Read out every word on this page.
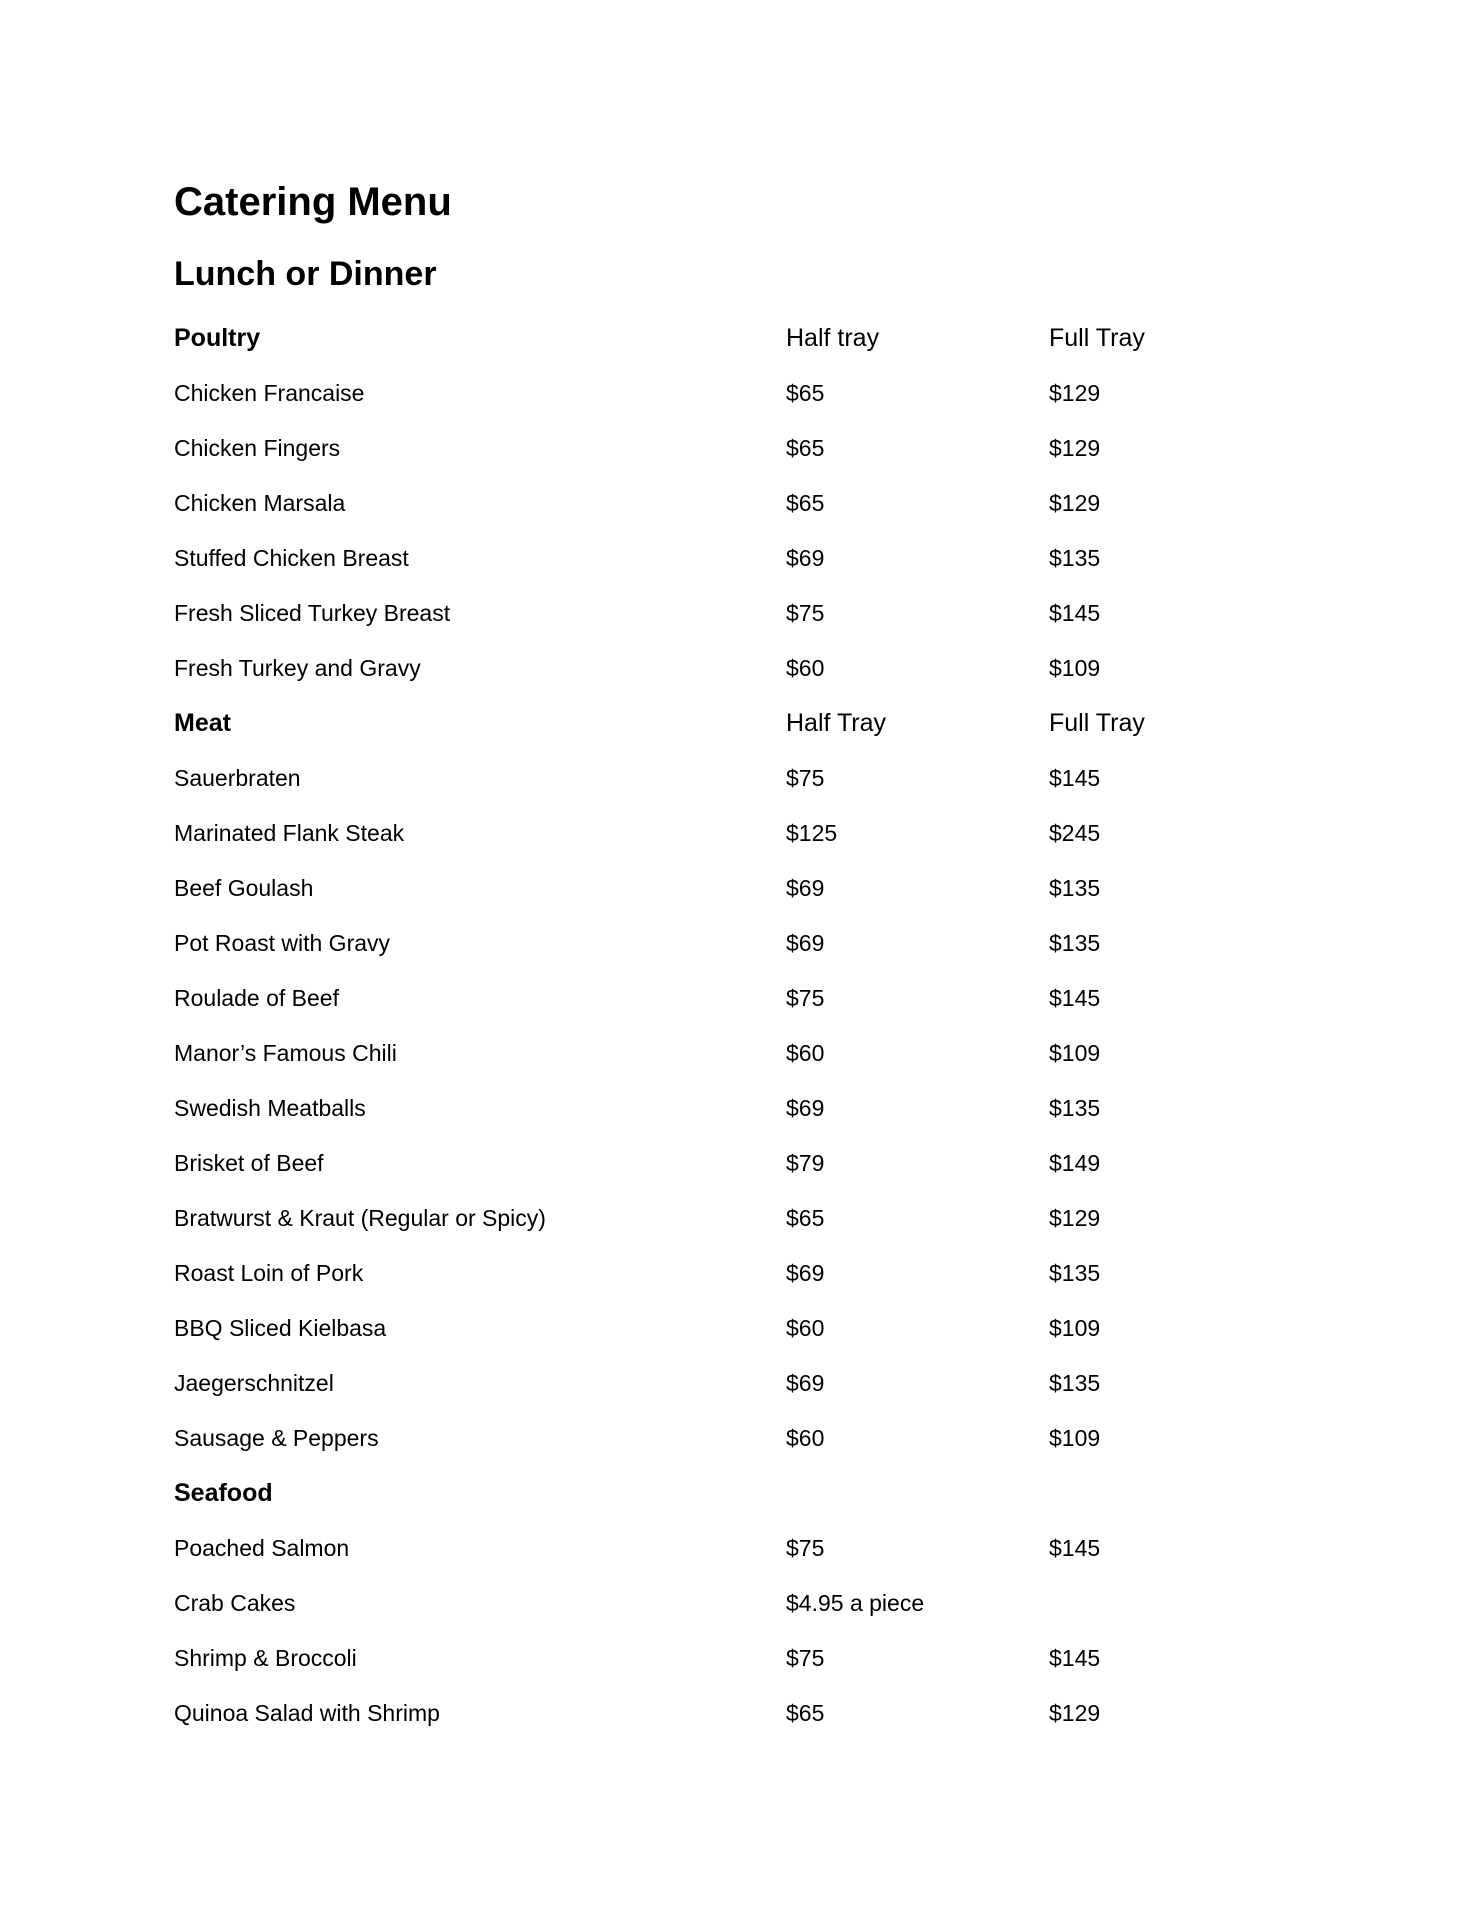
Catering Menu
Lunch or Dinner
Poultry	Half tray	Full Tray
Chicken Francaise	$65	$129
Chicken Fingers	$65	$129
Chicken Marsala	$65	$129
Stuffed Chicken Breast	$69	$135
Fresh Sliced Turkey Breast	$75	$145
Fresh Turkey and Gravy	$60	$109
Meat	Half Tray	Full Tray
Sauerbraten	$75	$145
Marinated Flank Steak	$125	$245
Beef Goulash	$69	$135
Pot Roast with Gravy	$69	$135
Roulade of Beef	$75	$145
Manor’s Famous Chili	$60	$109
Swedish Meatballs	$69	$135
Brisket of Beef	$79	$149
Bratwurst & Kraut (Regular or Spicy)	$65	$129
Roast Loin of Pork	$69	$135
BBQ Sliced Kielbasa	$60	$109
Jaegerschnitzel	$69	$135
Sausage & Peppers	$60	$109
Seafood
Poached Salmon	$75	$145
Crab Cakes	$4.95 a piece
Shrimp & Broccoli	$75	$145
Quinoa Salad with Shrimp	$65	$129
